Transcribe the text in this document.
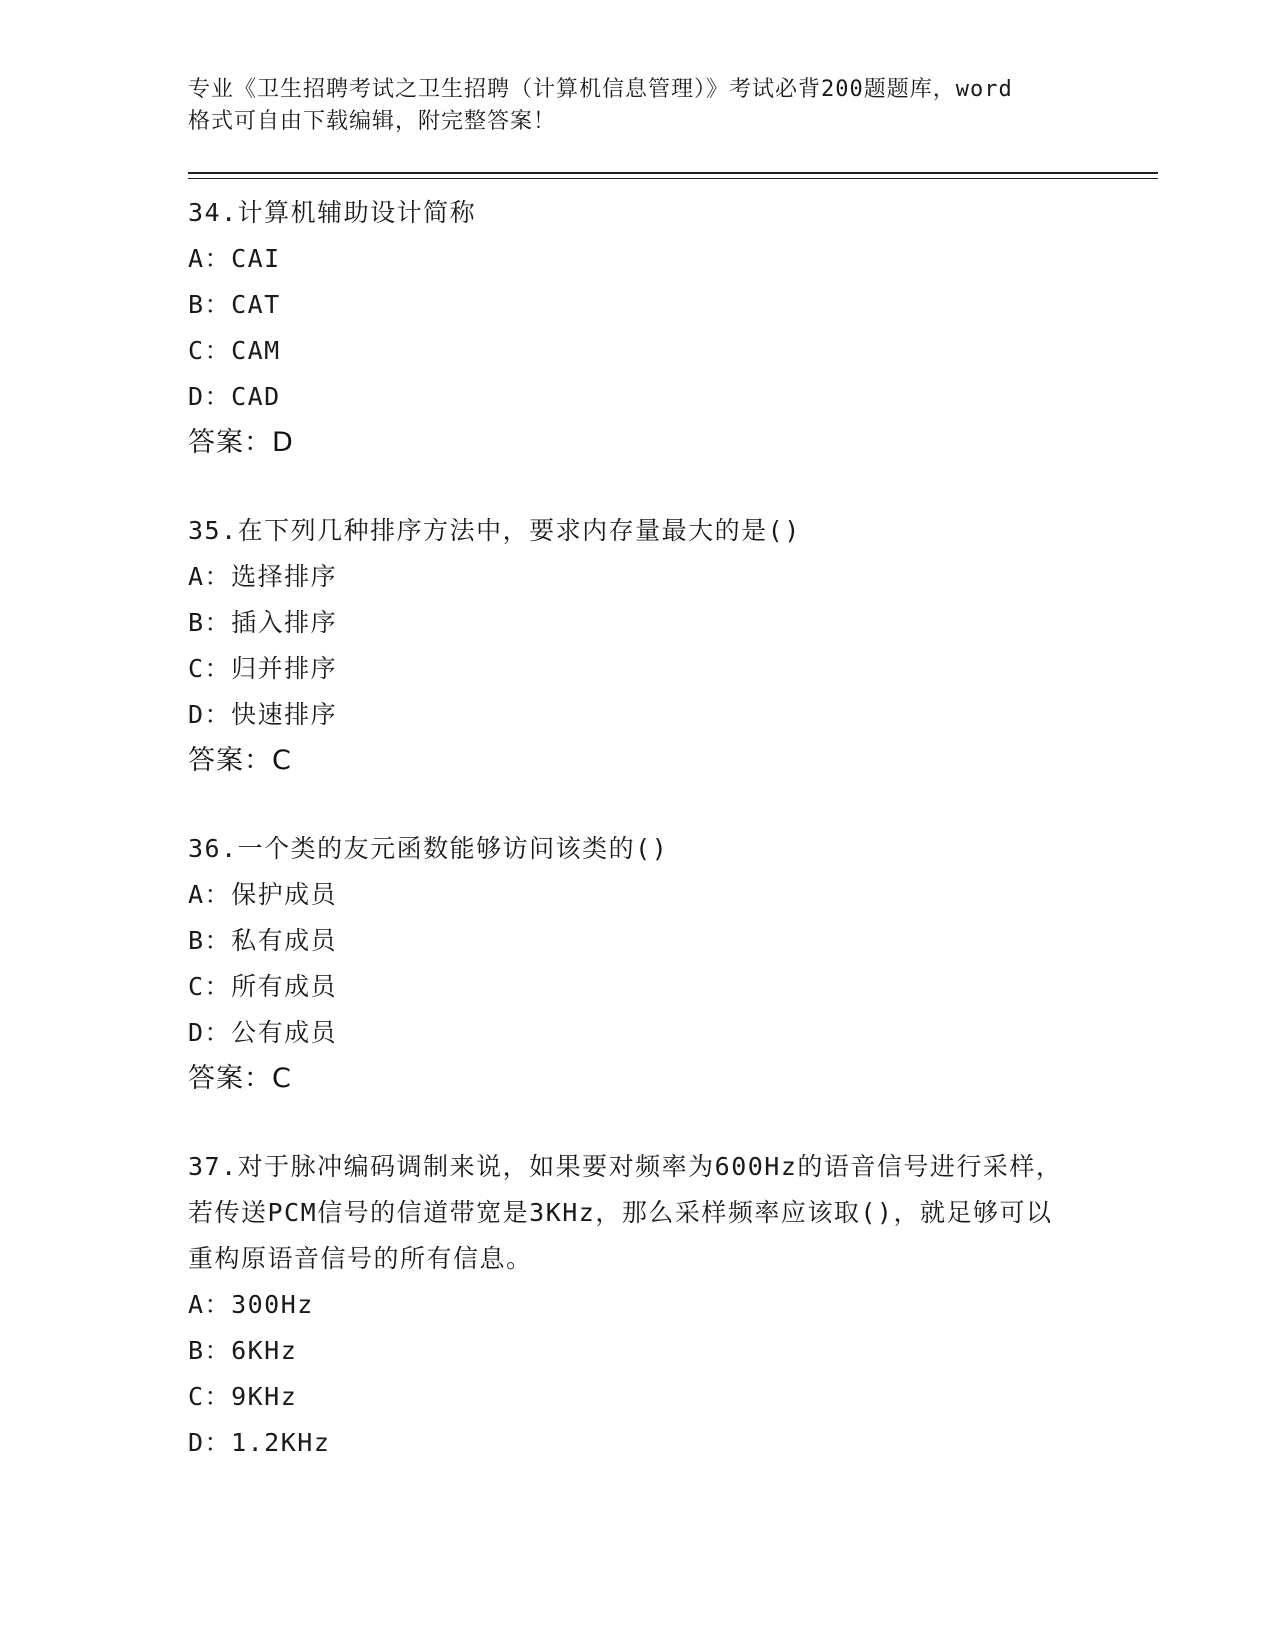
专业《卫生招聘考试之卫生招聘（计算机信息管理）》考试必背200题题库，word
格式可自由下载编辑，附完整答案！
34.计算机辅助设计简称
A：CAI
B：CAT
C：CAM
D：CAD
答案：D
35.在下列几种排序方法中，要求内存量最大的是()
A：选择排序
B：插入排序
C：归并排序
D：快速排序
答案：C
36.一个类的友元函数能够访问该类的()
A：保护成员
B：私有成员
C：所有成员
D：公有成员
答案：C
37.对于脉冲编码调制来说，如果要对频率为600Hz的语音信号进行采样，若传送PCM信号的信道带宽是3KHz，那么采样频率应该取()，就足够可以重构原语音信号的所有信息。
A：300Hz
B：6KHz
C：9KHz
D：1.2KHz
